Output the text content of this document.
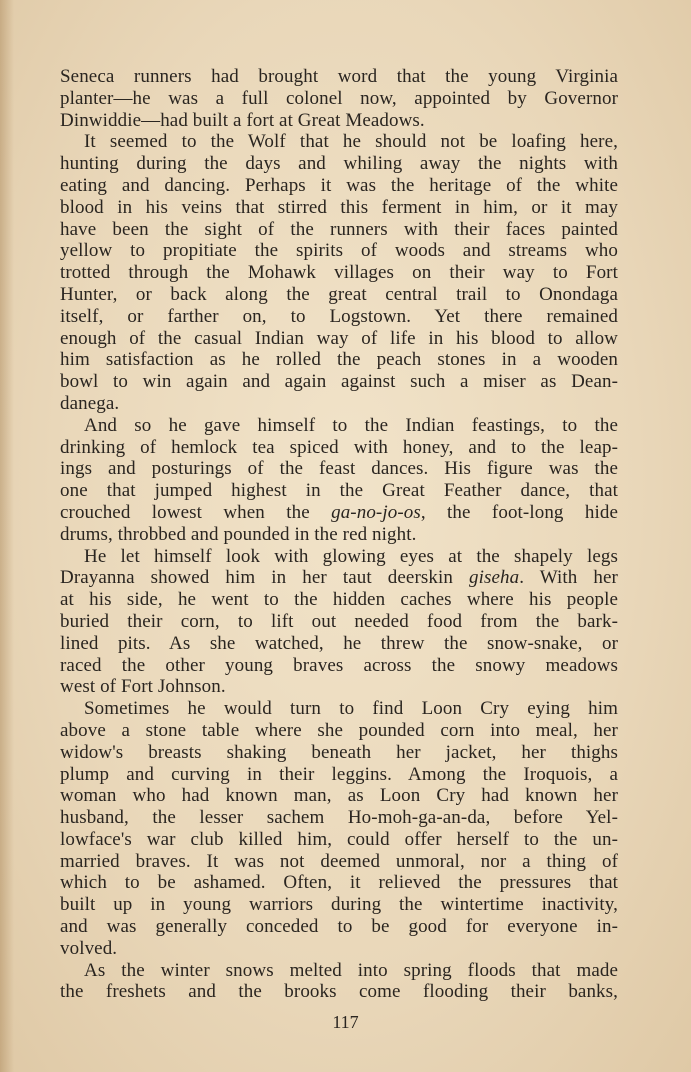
Seneca runners had brought word that the young Virginia
planter—he was a full colonel now, appointed by Governor
Dinwiddie—had built a fort at Great Meadows.
It seemed to the Wolf that he should not be loafing here,
hunting during the days and whiling away the nights with
eating and dancing. Perhaps it was the heritage of the white
blood in his veins that stirred this ferment in him, or it may
have been the sight of the runners with their faces painted
yellow to propitiate the spirits of woods and streams who
trotted through the Mohawk villages on their way to Fort
Hunter, or back along the great central trail to Onondaga
itself, or farther on, to Logstown. Yet there remained
enough of the casual Indian way of life in his blood to allow
him satisfaction as he rolled the peach stones in a wooden
bowl to win again and again against such a miser as Dean-
danega.
And so he gave himself to the Indian feastings, to the
drinking of hemlock tea spiced with honey, and to the leap-
ings and posturings of the feast dances. His figure was the
one that jumped highest in the Great Feather dance, that
crouched lowest when the ga-no-jo-os, the foot-long hide
drums, throbbed and pounded in the red night.
He let himself look with glowing eyes at the shapely legs
Drayanna showed him in her taut deerskin giseha. With her
at his side, he went to the hidden caches where his people
buried their corn, to lift out needed food from the bark-
lined pits. As she watched, he threw the snow-snake, or
raced the other young braves across the snowy meadows
west of Fort Johnson.
Sometimes he would turn to find Loon Cry eying him
above a stone table where she pounded corn into meal, her
widow's breasts shaking beneath her jacket, her thighs
plump and curving in their leggins. Among the Iroquois, a
woman who had known man, as Loon Cry had known her
husband, the lesser sachem Ho-moh-ga-an-da, before Yel-
lowface's war club killed him, could offer herself to the un-
married braves. It was not deemed unmoral, nor a thing of
which to be ashamed. Often, it relieved the pressures that
built up in young warriors during the wintertime inactivity,
and was generally conceded to be good for everyone in-
volved.
As the winter snows melted into spring floods that made
the freshets and the brooks come flooding their banks,
117
